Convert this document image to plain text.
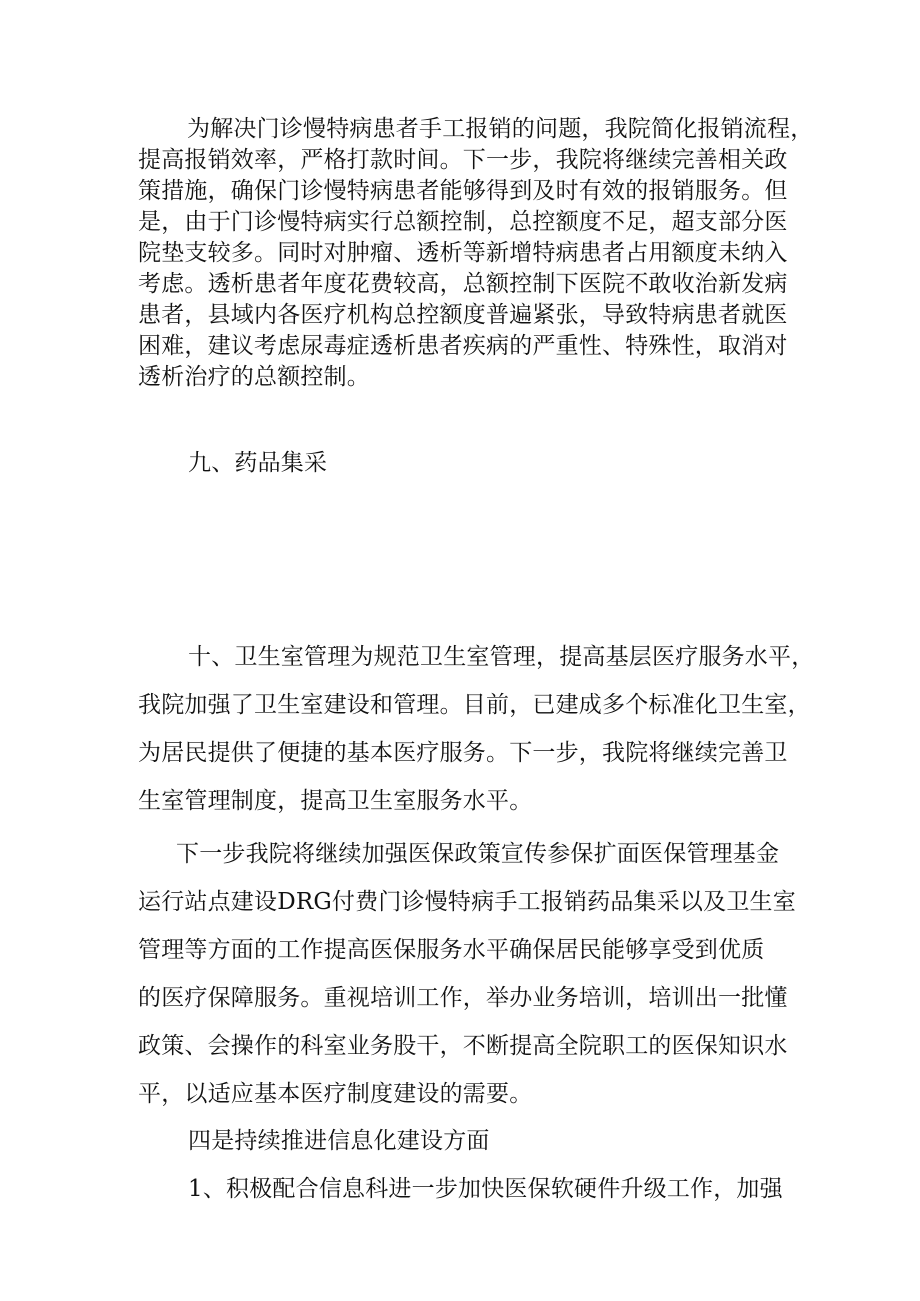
为解决门诊慢特病患者手工报销的问题，我院简化报销流程，
提高报销效率，严格打款时间。下一步，我院将继续完善相关政
策措施，确保门诊慢特病患者能够得到及时有效的报销服务。但
是，由于门诊慢特病实行总额控制，总控额度不足，超支部分医
院垫支较多。同时对肿瘤、透析等新增特病患者占用额度未纳入
考虑。透析患者年度花费较高，总额控制下医院不敢收治新发病
患者，县域内各医疗机构总控额度普遍紧张，导致特病患者就医
困难，建议考虑尿毒症透析患者疾病的严重性、特殊性，取消对
透析治疗的总额控制。
九、药品集采
十、卫生室管理为规范卫生室管理，提高基层医疗服务水平，
我院加强了卫生室建设和管理。目前，已建成多个标准化卫生室，
为居民提供了便捷的基本医疗服务。下一步，我院将继续完善卫
生室管理制度，提高卫生室服务水平。
下一步我院将继续加强医保政策宣传参保扩面医保管理基金
运行站点建设DRG付费门诊慢特病手工报销药品集采以及卫生室
管理等方面的工作提高医保服务水平确保居民能够享受到优质
的医疗保障服务。重视培训工作，举办业务培训，培训出一批懂
政策、会操作的科室业务股干，不断提高全院职工的医保知识水
平，以适应基本医疗制度建设的需要。
四是持续推进信息化建设方面
1、积极配合信息科进一步加快医保软硬件升级工作，加强
